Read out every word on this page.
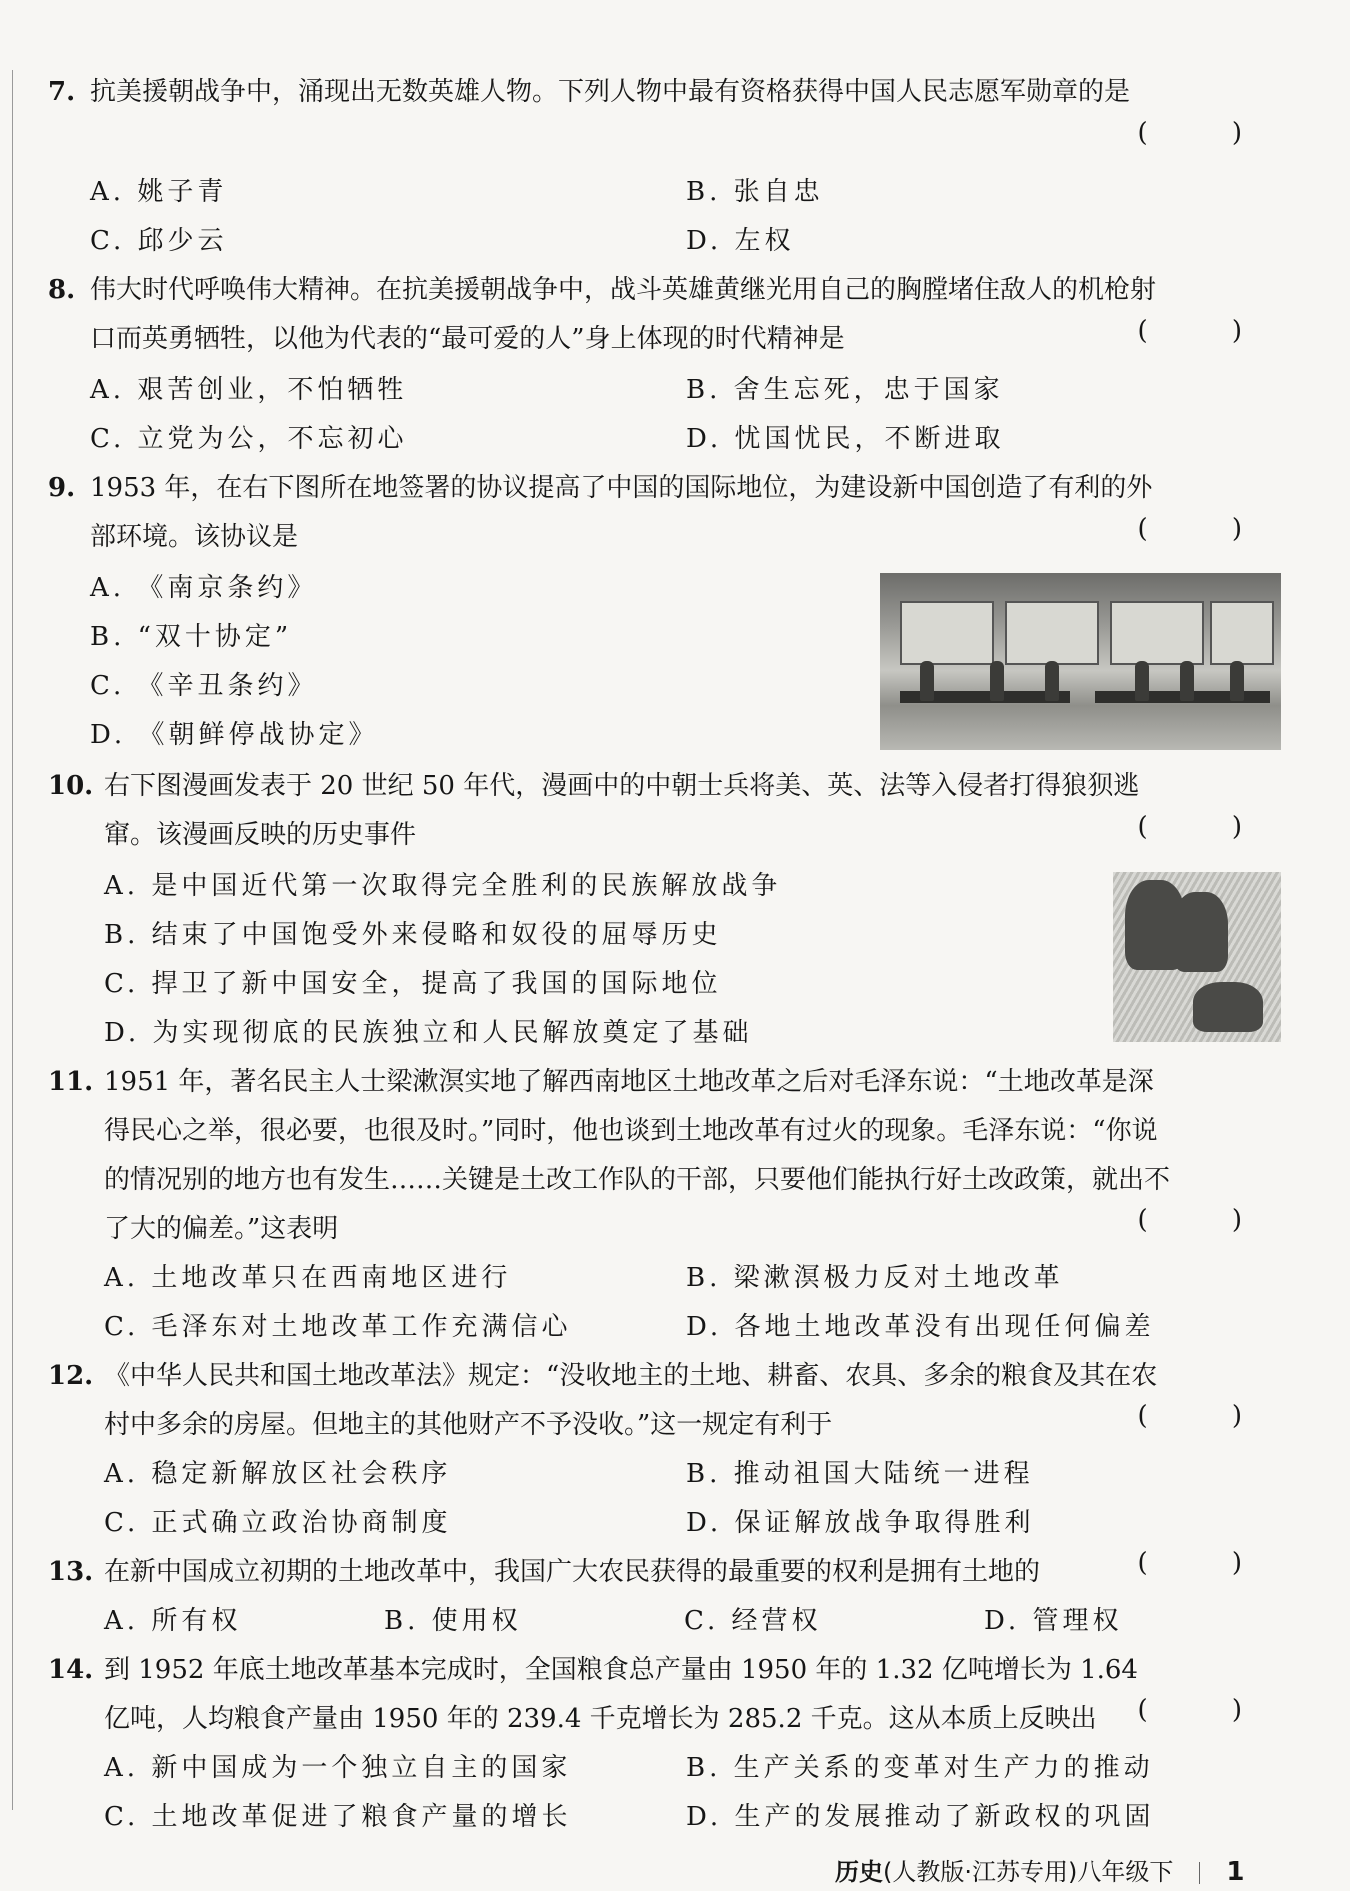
7. 抗美援朝战争中，涌现出无数英雄人物。下列人物中最有资格获得中国人民志愿军勋章的是
( )
A. 姚子青	B. 张自忠
C. 邱少云	D. 左权
8. 伟大时代呼唤伟大精神。在抗美援朝战争中，战斗英雄黄继光用自己的胸膛堵住敌人的机枪射口而英勇牺牲，以他为代表的“最可爱的人”身上体现的时代精神是	( )
A. 艰苦创业，不怕牺牲	B. 舍生忘死，忠于国家
C. 立党为公，不忘初心	D. 忧国忧民，不断进取
9. 1953 年，在右下图所在地签署的协议提高了中国的国际地位，为建设新中国创造了有利的外部环境。该协议是	( )
A. 《南京条约》
B. “双十协定”
C. 《辛丑条约》
D. 《朝鲜停战协定》
10. 右下图漫画发表于 20 世纪 50 年代，漫画中的中朝士兵将美、英、法等入侵者打得狼狈逃窜。该漫画反映的历史事件	( )
A. 是中国近代第一次取得完全胜利的民族解放战争
B. 结束了中国饱受外来侵略和奴役的屈辱历史
C. 捍卫了新中国安全，提高了我国的国际地位
D. 为实现彻底的民族独立和人民解放奠定了基础
11. 1951 年，著名民主人士梁漱溟实地了解西南地区土地改革之后对毛泽东说：“土地改革是深得民心之举，很必要，也很及时。”同时，他也谈到土地改革有过火的现象。毛泽东说：“你说的情况别的地方也有发生……关键是土改工作队的干部，只要他们能执行好土改政策，就出不了大的偏差。”这表明	( )
A. 土地改革只在西南地区进行	B. 梁漱溟极力反对土地改革
C. 毛泽东对土地改革工作充满信心	D. 各地土地改革没有出现任何偏差
12. 《中华人民共和国土地改革法》规定：“没收地主的土地、耕畜、农具、多余的粮食及其在农村中多余的房屋。但地主的其他财产不予没收。”这一规定有利于	( )
A. 稳定新解放区社会秩序	B. 推动祖国大陆统一进程
C. 正式确立政治协商制度	D. 保证解放战争取得胜利
13. 在新中国成立初期的土地改革中，我国广大农民获得的最重要的权利是拥有土地的	( )
A. 所有权	B. 使用权	C. 经营权	D. 管理权
14. 到 1952 年底土地改革基本完成时，全国粮食总产量由 1950 年的 1.32 亿吨增长为 1.64 亿吨，人均粮食产量由 1950 年的 239.4 千克增长为 285.2 千克。这从本质上反映出	( )
A. 新中国成为一个独立自主的国家	B. 生产关系的变革对生产力的推动
C. 土地改革促进了粮食产量的增长	D. 生产的发展推动了新政权的巩固
历史(人教版·江苏专用)八年级下 1
